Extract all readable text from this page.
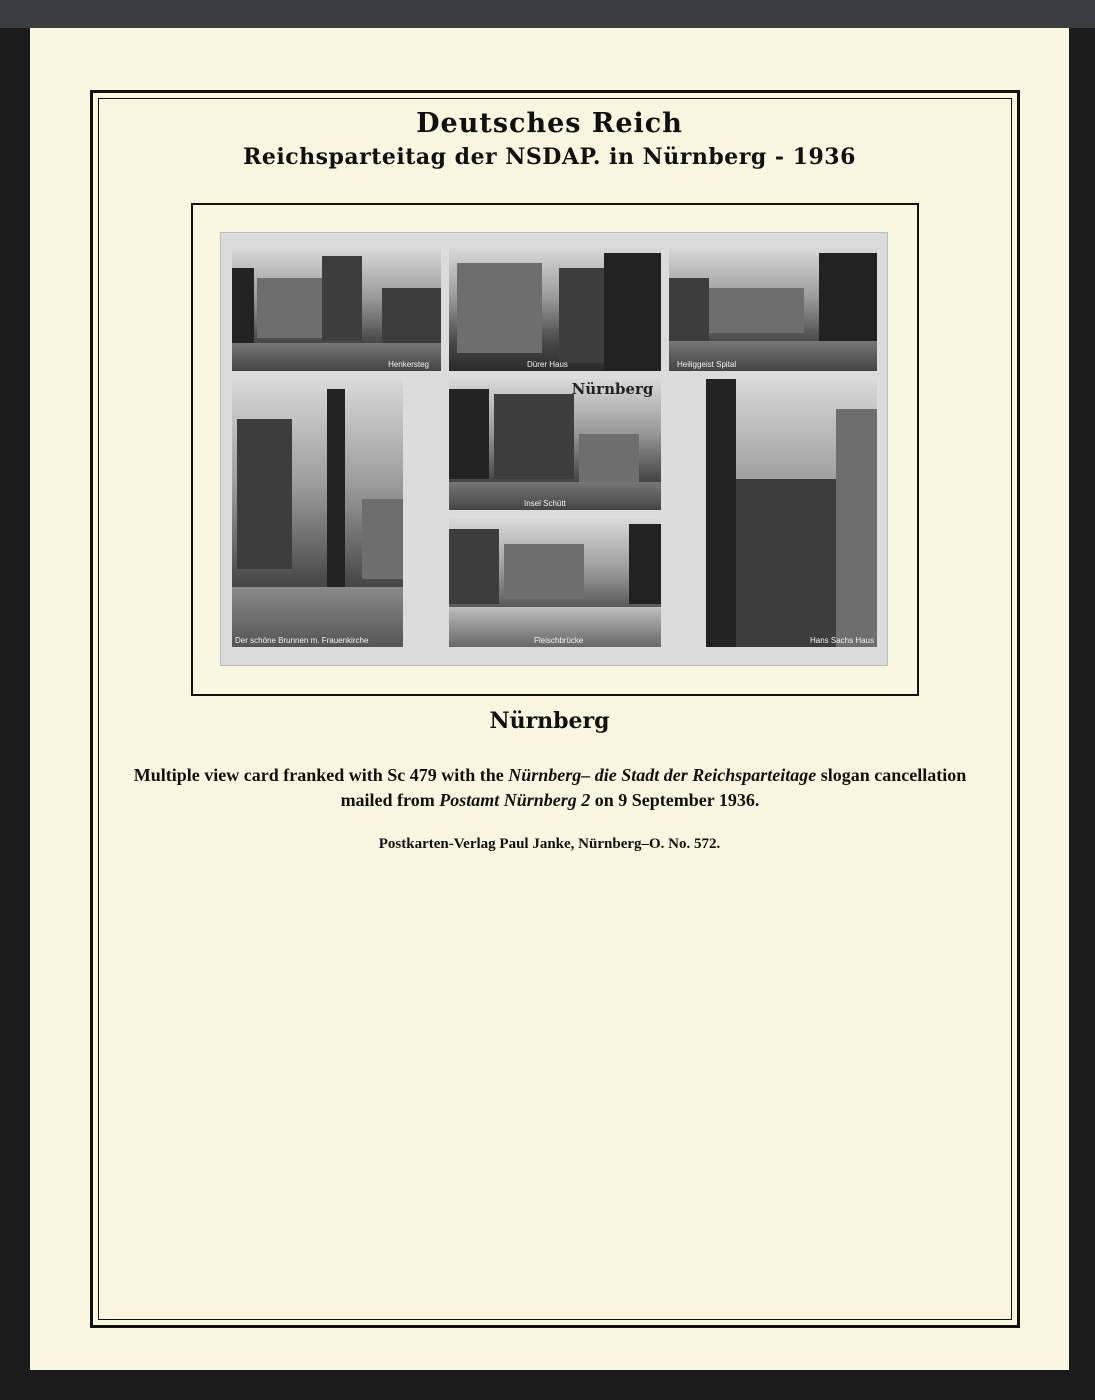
Deutsches Reich
Reichsparteitag der NSDAP. in Nürnberg - 1936
Henkersteg	Dürer Haus	Heiliggeist Spital
Der schöne Brunnen m. Frauenkirche
Insel Schütt
Fleischbrücke	Hans Sachs Haus
Nürnberg
Nürnberg
Multiple view card franked with Sc 479 with the Nürnberg– die Stadt der Reichsparteitage slogan cancellation mailed from Postamt Nürnberg 2 on 9 September 1936.
Postkarten-Verlag Paul Janke, Nürnberg–O. No. 572.
